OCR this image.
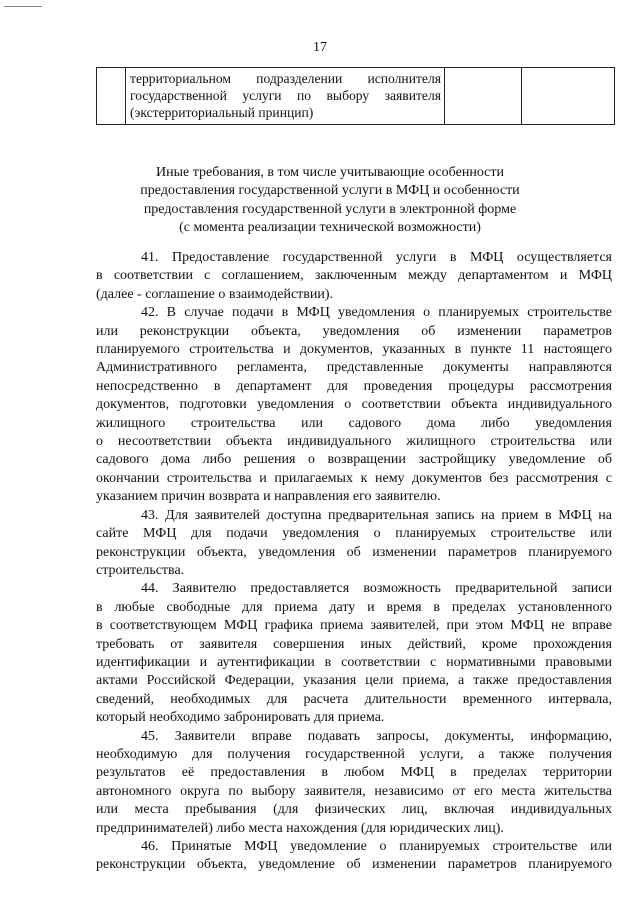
17

территориальном подразделении исполнителя
государственной услуги по выбору заявителя
(экстерриториальный принцип)

Иные требования, в том числе учитывающие особенности
предоставления государственной услуги в МФЦ и особенности
предоставления государственной услуги в электронной форме
(с момента реализации технической возможности)
41. Предоставление государственной услуги в МФЦ осуществляется
в соответствии с соглашением, заключенным между департаментом и МФЦ
(далее - соглашение о взаимодействии).
42. В случае подачи в МФЦ уведомления о планируемых строительстве
или реконструкции объекта, уведомления об изменении параметров
планируемого строительства и документов, указанных в пункте 11 настоящего
Административного регламента, представленные документы направляются
непосредственно в департамент для проведения процедуры рассмотрения
документов, подготовки уведомления о соответствии объекта индивидуального
жилищного строительства или садового дома либо уведомления
о несоответствии объекта индивидуального жилищного строительства или
садового дома либо решения о возвращении застройщику уведомление об
окончании строительства и прилагаемых к нему документов без рассмотрения с
указанием причин возврата и направления его заявителю.
43. Для заявителей доступна предварительная запись на прием в МФЦ на
сайте МФЦ для подачи уведомления о планируемых строительстве или
реконструкции объекта, уведомления об изменении параметров планируемого
строительства.
44. Заявителю предоставляется возможность предварительной записи
в любые свободные для приема дату и время в пределах установленного
в соответствующем МФЦ графика приема заявителей, при этом МФЦ не вправе
требовать от заявителя совершения иных действий, кроме прохождения
идентификации и аутентификации в соответствии с нормативными правовыми
актами Российской Федерации, указания цели приема, а также предоставления
сведений, необходимых для расчета длительности временного интервала,
который необходимо забронировать для приема.
45. Заявители вправе подавать запросы, документы, информацию,
необходимую для получения государственной услуги, а также получения
результатов её предоставления в любом МФЦ в пределах территории
автономного округа по выбору заявителя, независимо от его места жительства
или места пребывания (для физических лиц, включая индивидуальных
предпринимателей) либо места нахождения (для юридических лиц).
46. Принятые МФЦ уведомление о планируемых строительстве или
реконструкции объекта, уведомление об изменении параметров планируемого
